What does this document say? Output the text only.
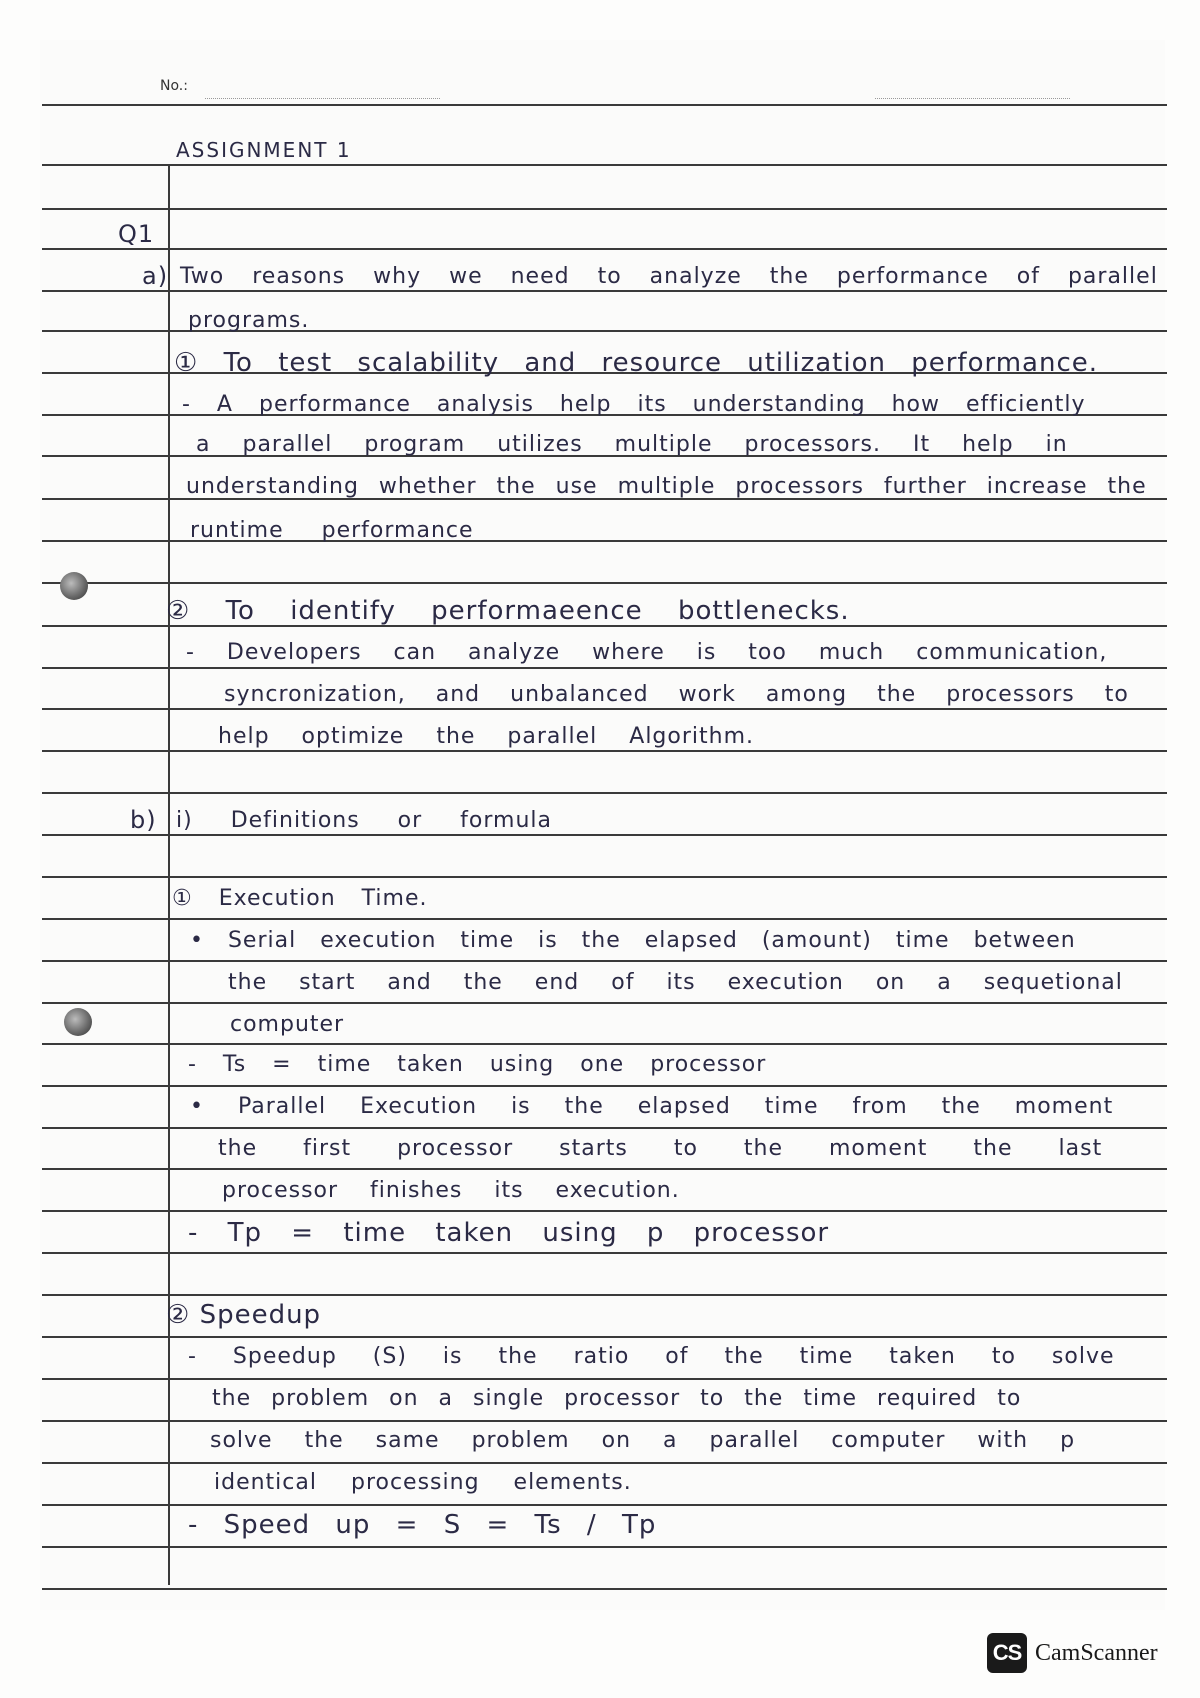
No.:
ASSIGNMENT 1
Q1
a) Two reasons why we need to analyze the performance of parallel
programs.
① To test scalability and resource utilization performance.
- A performance analysis help its understanding how efficiently
a parallel program utilizes multiple processors. It help in
understanding whether the use multiple processors further increase the
runtime performance
② To identify performaeence bottlenecks.
- Developers can analyze where is too much communication,
syncronization, and unbalanced work among the processors to
help optimize the parallel Algorithm.
b) i) Definitions or formula
① Execution Time.
• Serial execution time is the elapsed (amount) time between
the start and the end of its execution on a sequetional
computer
- Ts = time taken using one processor
• Parallel Execution is the elapsed time from the moment
the first processor starts to the moment the last
processor finishes its execution.
- Tp = time taken using p processor
② Speedup
- Speedup (S) is the ratio of the time taken to solve
the problem on a single processor to the time required to
solve the same problem on a parallel computer with p
identical processing elements.
- Speed up = S = Ts / Tp
CS CamScanner
